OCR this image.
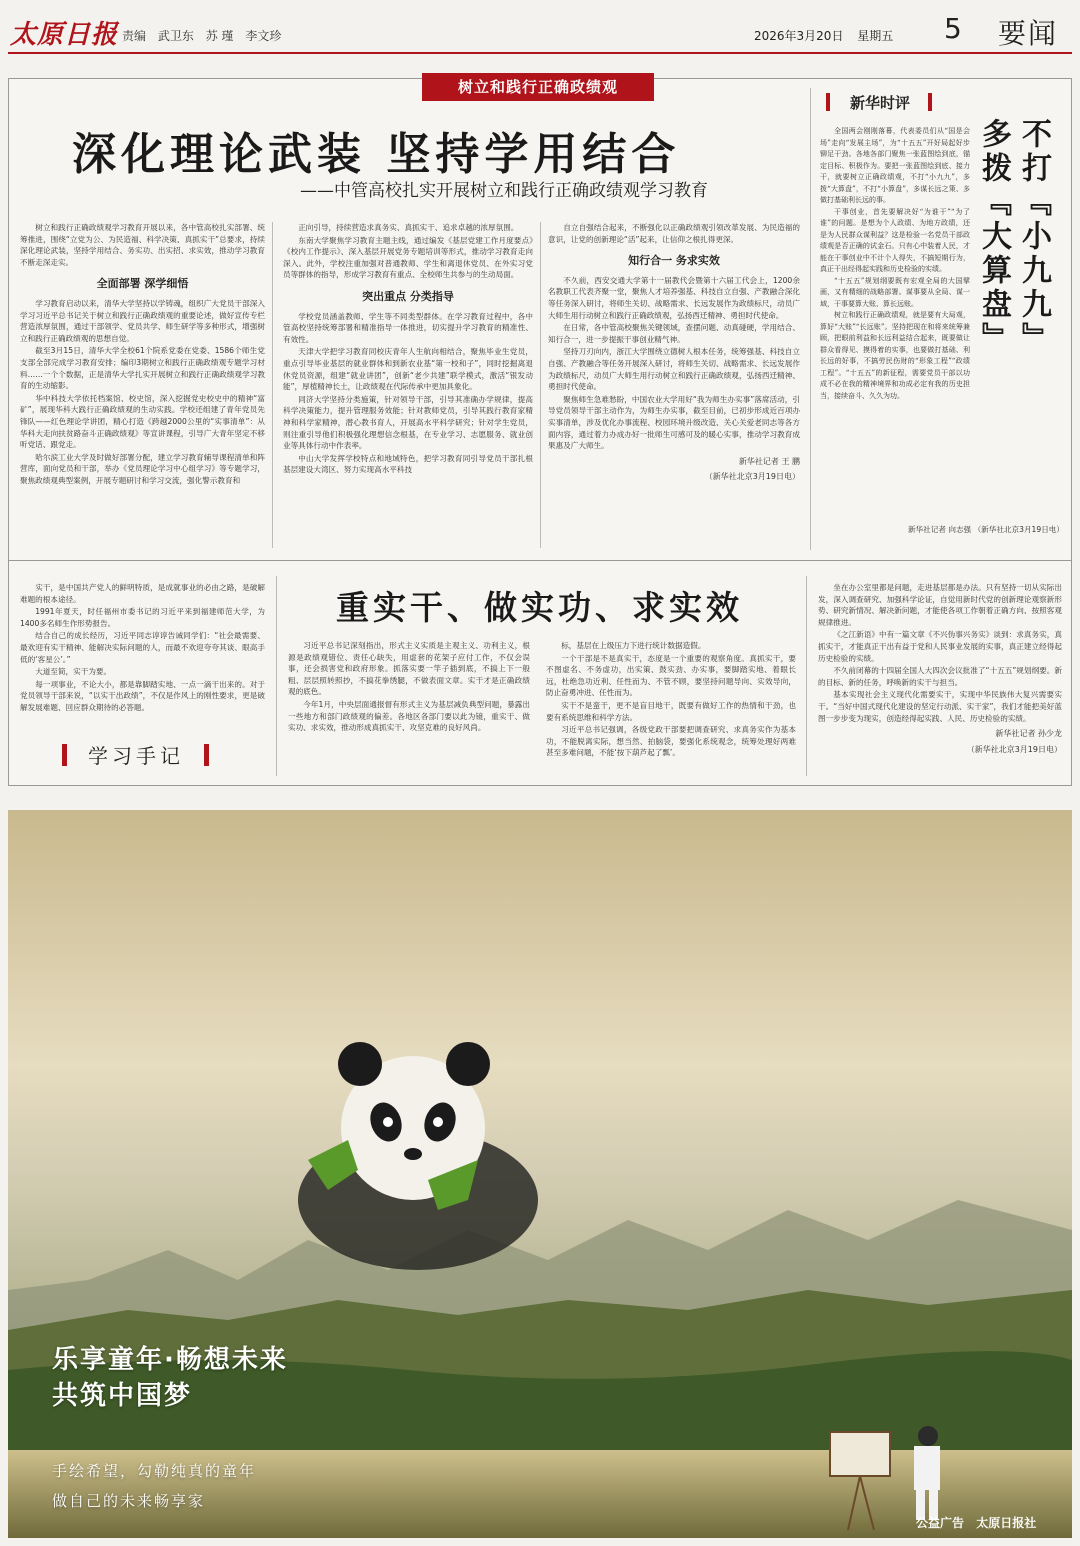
太原日报 责编 武卫东 苏 瑾 李文珍	2026年3月20日 星期五	5 要闻
树立和践行正确政绩观
深化理论武装 坚持学用结合
——中管高校扎实开展树立和践行正确政绩观学习教育

树立和践行正确政绩观学习教育开展以来，各中管高校扎实部署、统筹推进，围绕“立党为公、为民造福、科学决策、真抓实干”总要求，持续深化理论武装，坚持学用结合、务实功、出实招、求实效，推动学习教育不断走深走实。

全面部署 深学细悟

学习教育启动以来，清华大学坚持以学铸魂，组织广大党员干部深入学习习近平总书记关于树立和践行正确政绩观的重要论述，做好宣传专栏营造浓厚氛围，通过干部领学、党员共学、师生研学等多种形式，增强树立和践行正确政绩观的思想自觉。

截至3月15日，清华大学全校61个院系党委在党委、1586个师生党支部全部完成学习教育安排；编印3期树立和践行正确政绩观专题学习材料……一个个数据，正是清华大学扎实开展树立和践行正确政绩观学习教育的生动缩影。

华中科技大学依托档案馆、校史馆，深入挖掘党史校史中的精神“富矿”，展现华科大践行正确政绩观的生动实践。学校还组建了青年党员先锋队——红色理论学讲团，精心打造《跨越2000公里的“实事清单”：从华科大走向扶贫路奋斗正确政绩观》等宣讲课程，引导广大青年坚定不移听党话、跟党走。

哈尔滨工业大学及时做好部署分配，建立学习教育辅导课程清单和阵营库，面向党员和干部，举办《党员理论学习中心组学习》等专题学习，聚焦政绩观典型案例，开展专题研讨和学习交流，强化警示教育和

正向引导，持续营造求真务实、真抓实干、追求卓越的浓厚氛围。

东南大学聚焦学习教育主题主线，通过编发《基层党建工作月度要点》《校内工作提示》、深入基层开展党务专题培训等形式，推动学习教育走向深入。此外，学校注重加强对普通教师、学生和离退休党员、在外实习党员等群体的指导，形成学习教育有重点、全校师生共参与的生动局面。

突出重点 分类指导

学校党员涵盖教师、学生等不同类型群体。在学习教育过程中，各中管高校坚持统筹部署和精准指导一体推进，切实提升学习教育的精准性、有效性。

天津大学把学习教育同校庆青年人生航向相结合，聚焦毕业生党员，重点引导毕业基层的就业群体和到新农业基“第一校和子”，同时挖掘离退休党员资源，组建“就业讲团”，创新“老少共建”联学模式，激活“银发动能”，厚植精神长土，让政绩观在代际传承中更加具象化。

同济大学坚持分类施策，针对领导干部，引导其准确办学规律，提高科学决策能力，提升管理服务效能；针对教师党员，引导其践行教育家精神和科学家精神，潜心教书育人，开展高水平科学研究；针对学生党员，则注重引导他们积极强化理想信念根基，在专业学习、志愿服务、就业创业等具体行动中作表率。

中山大学发挥学校特点和地域特色，把学习教育同引导党员干部扎根基层建设大湾区、努力实现高水平科技

自立自强结合起来，不断强化以正确政绩观引领改革发展、为民造福的意识，让党的创新理论“活”起来，让信仰之根扎得更深。

知行合一 务求实效

不久前，西安交通大学第十一届教代会暨第十六届工代会上，1200余名教职工代表齐聚一堂，聚焦人才培养强基、科技自立自强、产教融合深化等任务深入研讨，将师生关切、战略需求、长远发展作为政绩标尺，动员广大师生用行动树立和践行正确政绩观，弘扬西迁精神、勇担时代使命。

在日常，各中管高校聚焦关键领域，查摆问题、动真碰硬，学用结合、知行合一，进一步提振干事创业精气神。

坚持刀刃向内，浙江大学围绕立德树人根本任务，统筹强基、科技自立自强、产教融合等任务开展深入研讨，将师生关切、战略需求、长远发展作为政绩标尺，动员广大师生用行动树立和践行正确政绩观，弘扬西迁精神、勇担时代使命。

聚焦师生急难愁盼，中国农业大学用好“我为师生办实事”落席活动，引导党员领导干部主动作为，为师生办实事，截至目前，已初步形成近百项办实事清单，涉及优化办事流程、校园环境升级改造、关心关爱老同志等各方面内容，通过着力办成办好一批师生可感可及的暖心实事，推动学习教育成果惠及广大师生。

新华社记者 王 鹏
（新华社北京3月19日电）
新华时评
不打『小九九』
多拨『大算盘』

全国两会刚刚落幕，代表委员们从“国是会场”走向“发展主场”，为“十五五”开好局起好步铆足干劲。各地各部门聚焦一张蓝图绘到底，锚定目标、积极作为。要把一张蓝图绘到底、接力干，就要树立正确政绩观，不打“小九九”，多拨“大算盘”，不打“小算盘”，多谋长远之策、多做打基础利长远的事。

干事创业，首先要解决好“为谁干”“为了谁”的问题。是想为个人政绩、为地方政绩，还是为人民群众谋利益？这是检验一名党员干部政绩观是否正确的试金石。只有心中装着人民，才能在干事创业中不计个人得失，不搞短期行为，真正干出经得起实践和历史检验的实绩。

“十五五”规划纲要既有宏观全局的大国擘画，又有精细的战略部署。谋事要从全局、谋一域，干事要算大账、算长远账。

树立和践行正确政绩观，就是要有大局观，算好“大账”“长远账”。坚持把现在和将来统筹兼顾，把眼前利益和长远利益结合起来，既要做让群众看得见、摸得着的实事，也要做打基础、利长远的好事，不搞劳民伤财的“形象工程”“政绩工程”。“十五五”的新征程，需要党员干部以功成不必在我的精神境界和功成必定有我的历史担当，接续奋斗、久久为功。

新华社记者 向志强 （新华社北京3月19日电）

实干，是中国共产党人的鲜明特质，是成就事业的必由之路，是破解难题的根本途径。

1991年夏天，时任福州市委书记的习近平来到福建师范大学，为1400多名师生作形势报告。

结合自己的成长经历，习近平同志谆谆告诫同学们：“社会最需要、最欢迎有实干精神、能解决实际问题的人，而最不欢迎夸夸其谈、眼高手低的‘客星公’。”

大道至简，实干为要。

每一项事业，不论大小，都是靠脚踏实地、一点一滴干出来的。对于党员领导干部来说，“以实干出政绩”，不仅是作风上的刚性要求，更是破解发展难题、回应群众期待的必答题。

学习手记
重实干、做实功、求实效

习近平总书记深刻指出，形式主义实质是主观主义、功利主义，根源是政绩观错位、责任心缺失，用虚套的花架子应付工作，不仅会误事，还会损害党和政府形象。抓落实要一竿子插到底，不搞上下一般粗、层层照转照抄，不搞花拳绣腿，不做表面文章。实干才是正确政绩观的底色。

今年1月，中央层面通报督有形式主义为基层减负典型问题，暴露出一些地方和部门政绩观的偏差。各地区各部门要以此为镜，重实干、做实功、求实效，推动形成真抓实干、攻坚克难的良好风尚。

标，基层在上级压力下进行统计数据造假。

一个干部是不是真实干，态度是一个重要的观察角度。真抓实干，要不图虚名、不务虚功，出实策、鼓实劲、办实事，要脚踏实地、着眼长远，杜绝急功近利、任性而为、不管不顾，要坚持问题导向、实效导向，防止奋勇冲进、任性而为。

实干不是蛮干，更不是盲目地干，既要有做好工作的热情和干劲，也要有系统思维和科学方法。

习近平总书记强调，各级党政干部要把调查研究、求真务实作为基本功，不能脱离实际，想当然、拍脑袋，要强化系统观念，统筹处理好两难甚至多难问题，不能‘按下葫芦起了瓢’。

坐在办公室里都是问题，走进基层都是办法。只有坚持一切从实际出发，深入调查研究、加强科学论证，自觉用新时代党的创新理论观察新形势、研究新情况、解决新问题，才能使各项工作朝着正确方向、按照客观规律推进。

《之江新语》中有一篇文章《不兴伪事兴务实》谈到：求真务实，真抓实干，才能真正干出有益于党和人民事业发展的实事，真正建立经得起历史检验的实绩。

不久前闭幕的十四届全国人大四次会议批准了“十五五”规划纲要。新的目标、新的任务，呼唤新的实干与担当。

基本实现社会主义现代化需要实干，实现中华民族伟大复兴需要实干。“当好中国式现代化建设的坚定行动派、实干家”，我们才能把美好蓝图一步步变为现实，创造经得起实践、人民、历史检验的实绩。

新华社记者 孙少龙
（新华社北京3月19日电）
乐享童年·畅想未来
共筑中国梦
手绘希望，勾勒纯真的童年
做自己的未来畅享家
公益广告 太原日报社
